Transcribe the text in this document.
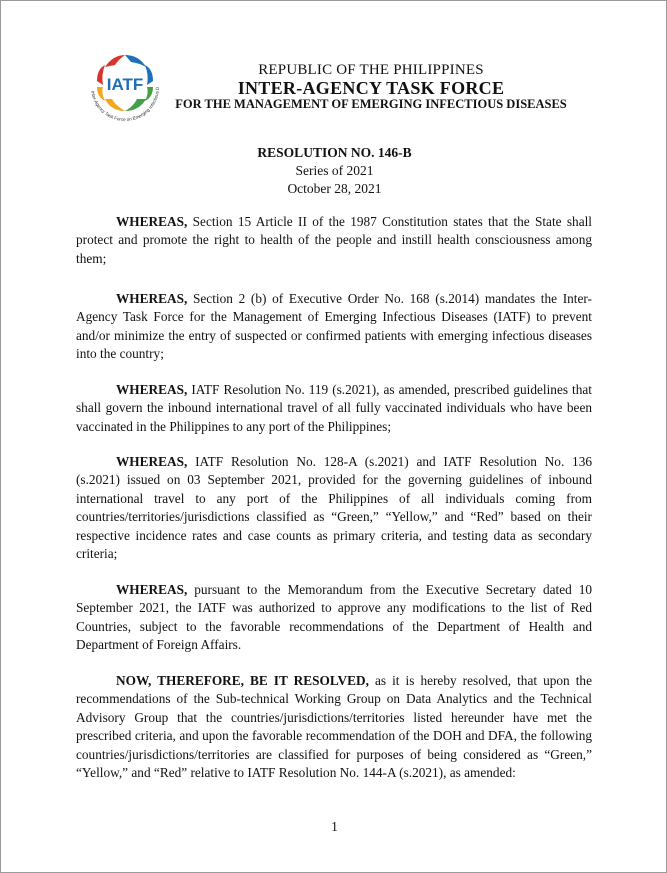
IATF
Inter-Agency Task Force on Emerging Infectious D
REPUBLIC OF THE PHILIPPINES
INTER-AGENCY TASK FORCE
FOR THE MANAGEMENT OF EMERGING INFECTIOUS DISEASES
RESOLUTION NO. 146-B
Series of 2021
October 28, 2021
WHEREAS, Section 15 Article II of the 1987 Constitution states that the State shall protect and promote the right to health of the people and instill health consciousness among them;
WHEREAS, Section 2 (b) of Executive Order No. 168 (s.2014) mandates the Inter-Agency Task Force for the Management of Emerging Infectious Diseases (IATF) to prevent and/or minimize the entry of suspected or confirmed patients with emerging infectious diseases into the country;
WHEREAS, IATF Resolution No. 119 (s.2021), as amended, prescribed guidelines that shall govern the inbound international travel of all fully vaccinated individuals who have been vaccinated in the Philippines to any port of the Philippines;
WHEREAS, IATF Resolution No. 128-A (s.2021) and IATF Resolution No. 136 (s.2021) issued on 03 September 2021, provided for the governing guidelines of inbound international travel to any port of the Philippines of all individuals coming from countries/territories/jurisdictions classified as “Green,” “Yellow,” and “Red” based on their respective incidence rates and case counts as primary criteria, and testing data as secondary criteria;
WHEREAS, pursuant to the Memorandum from the Executive Secretary dated 10 September 2021, the IATF was authorized to approve any modifications to the list of Red Countries, subject to the favorable recommendations of the Department of Health and Department of Foreign Affairs.
NOW, THEREFORE, BE IT RESOLVED, as it is hereby resolved, that upon the recommendations of the Sub-technical Working Group on Data Analytics and the Technical Advisory Group that the countries/jurisdictions/territories listed hereunder have met the prescribed criteria, and upon the favorable recommendation of the DOH and DFA, the following countries/jurisdictions/territories are classified for purposes of being considered as “Green,” “Yellow,” and “Red” relative to IATF Resolution No. 144-A (s.2021), as amended:
1
